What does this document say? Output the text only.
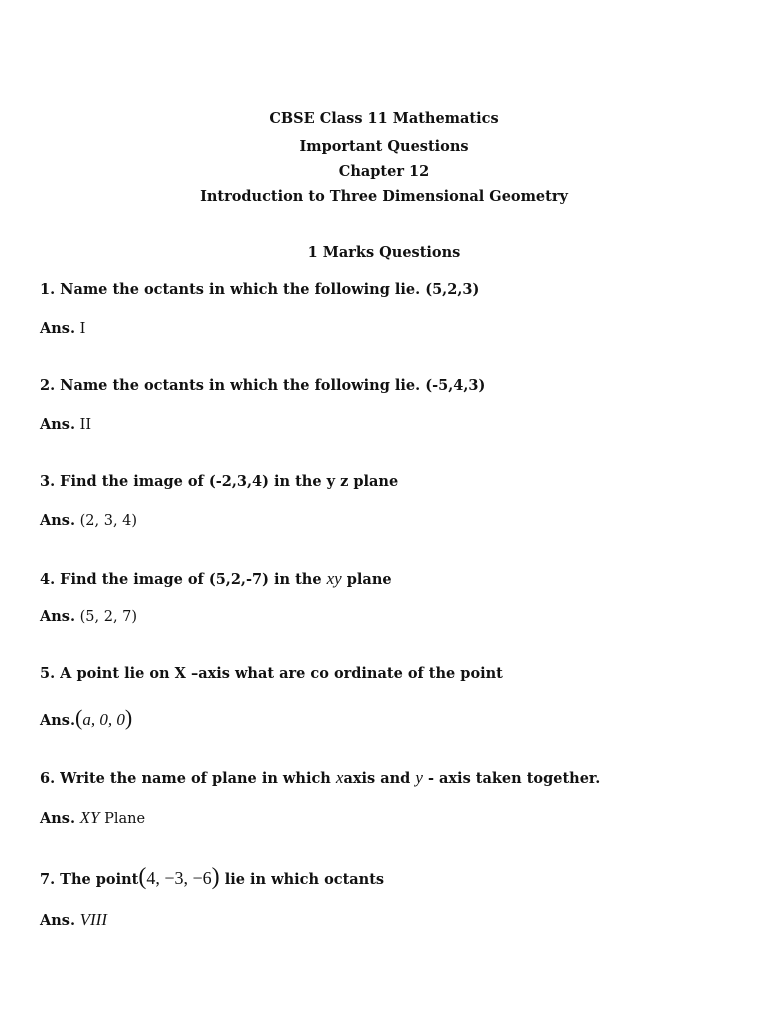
CBSE Class 11 Mathematics
Important Questions
Chapter 12
Introduction to Three Dimensional Geometry
1 Marks Questions
1. Name the octants in which the following lie. (5,2,3)
Ans. I
2. Name the octants in which the following lie. (-5,4,3)
Ans. II
3. Find the image of (-2,3,4) in the y z plane
Ans. (2, 3, 4)
4. Find the image of (5,2,-7) in the xy plane
Ans. (5, 2, 7)
5. A point lie on X –axis what are co ordinate of the point
Ans.(a, 0, 0)
6. Write the name of plane in which xaxis and y - axis taken together.
Ans. XY Plane
7. The point(4, −3, −6) lie in which octants
Ans. VIII
